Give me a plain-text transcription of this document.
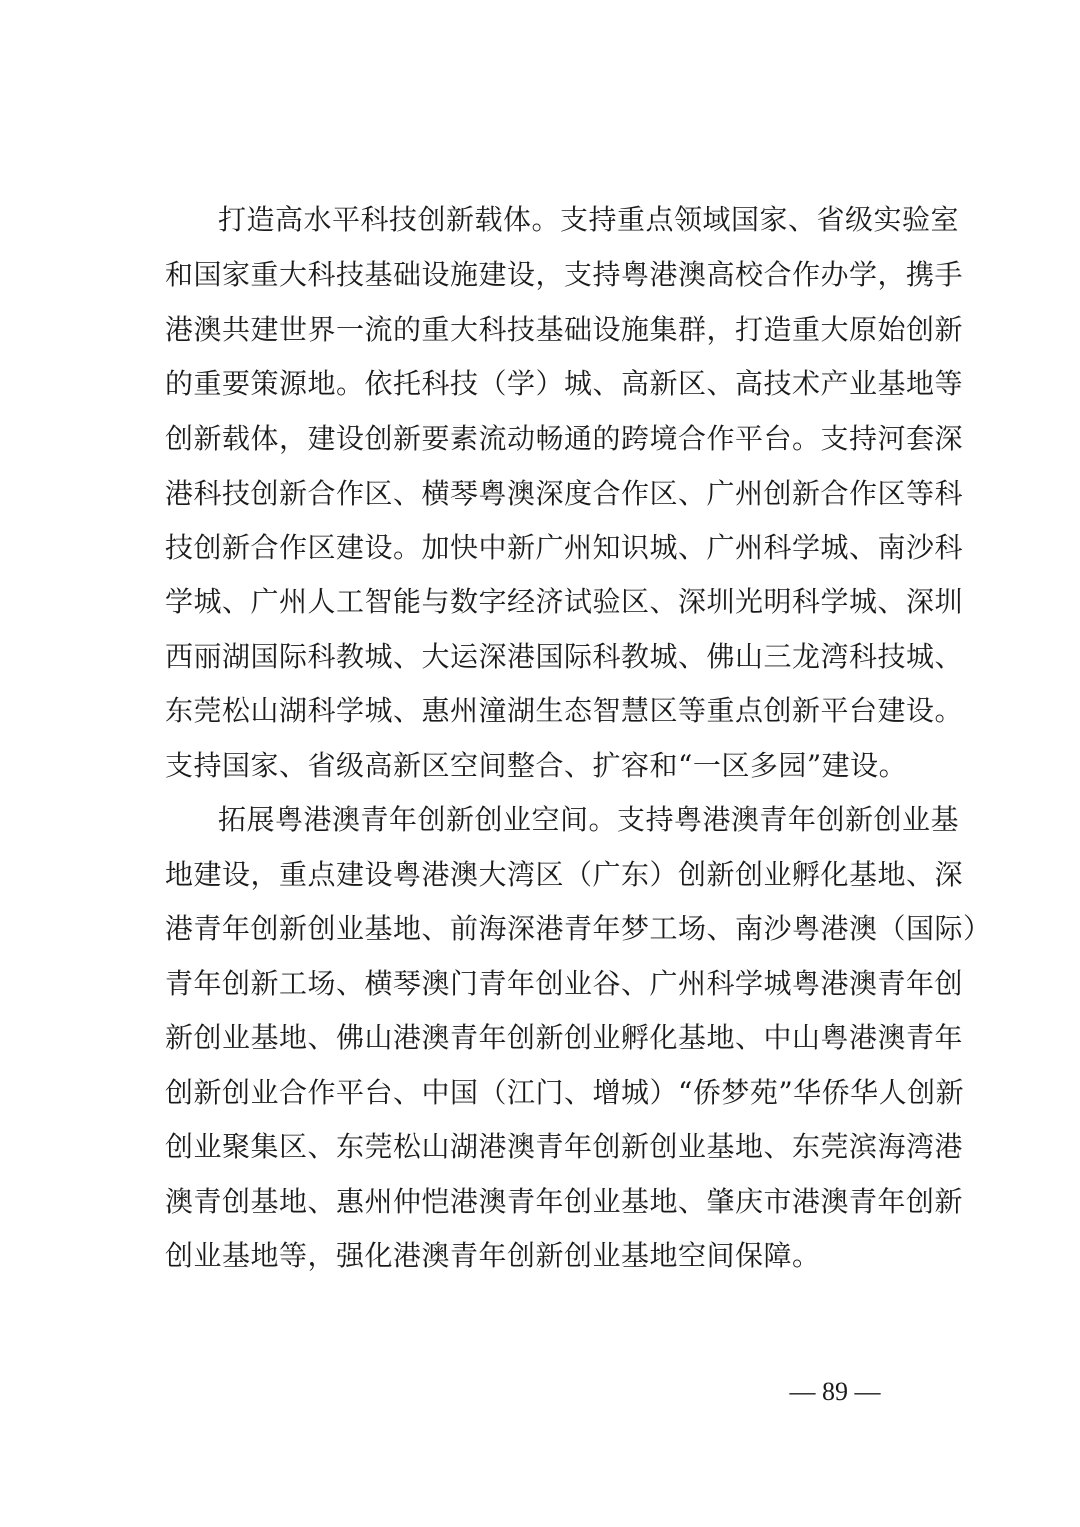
打造高水平科技创新载体。支持重点领域国家、省级实验室
和国家重大科技基础设施建设，支持粤港澳高校合作办学，携手
港澳共建世界一流的重大科技基础设施集群，打造重大原始创新
的重要策源地。依托科技（学）城、高新区、高技术产业基地等
创新载体，建设创新要素流动畅通的跨境合作平台。支持河套深
港科技创新合作区、横琴粤澳深度合作区、广州创新合作区等科
技创新合作区建设。加快中新广州知识城、广州科学城、南沙科
学城、广州人工智能与数字经济试验区、深圳光明科学城、深圳
西丽湖国际科教城、大运深港国际科教城、佛山三龙湾科技城、
东莞松山湖科学城、惠州潼湖生态智慧区等重点创新平台建设。
支持国家、省级高新区空间整合、扩容和“一区多园”建设。
拓展粤港澳青年创新创业空间。支持粤港澳青年创新创业基
地建设，重点建设粤港澳大湾区（广东）创新创业孵化基地、深
港青年创新创业基地、前海深港青年梦工场、南沙粤港澳（国际）
青年创新工场、横琴澳门青年创业谷、广州科学城粤港澳青年创
新创业基地、佛山港澳青年创新创业孵化基地、中山粤港澳青年
创新创业合作平台、中国（江门、增城）“侨梦苑”华侨华人创新
创业聚集区、东莞松山湖港澳青年创新创业基地、东莞滨海湾港
澳青创基地、惠州仲恺港澳青年创业基地、肇庆市港澳青年创新
创业基地等，强化港澳青年创新创业基地空间保障。
— 89 —
